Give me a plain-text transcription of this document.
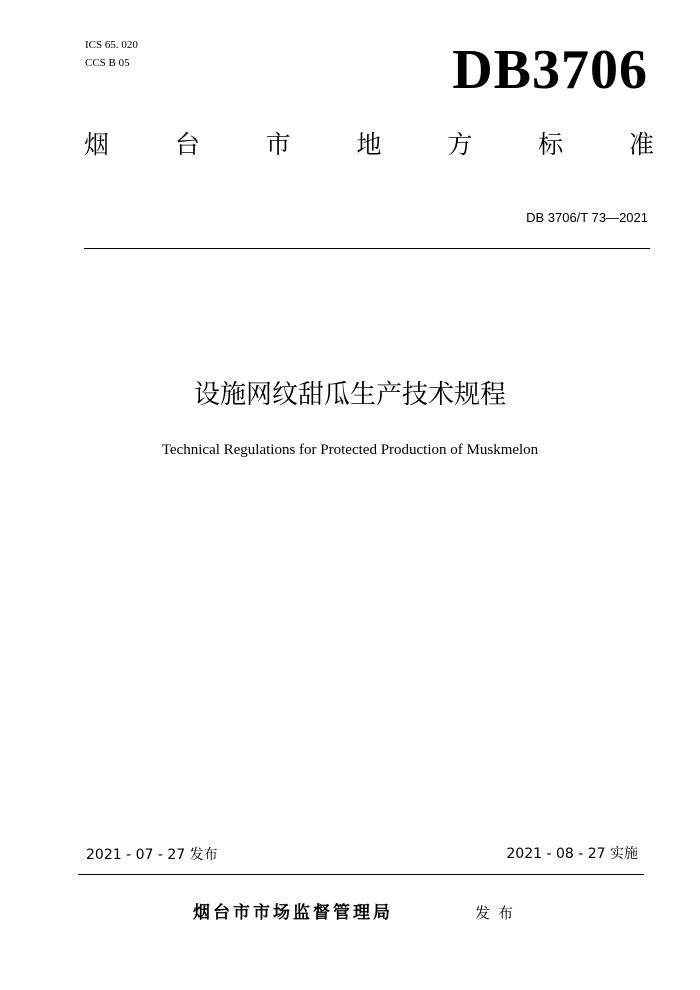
ICS 65. 020
CCS B 05	DB3706
烟	台	市	地	方	标	准
DB 3706/T 73—2021
设施网纹甜瓜生产技术规程
Technical Regulations for Protected Production of Muskmelon
2021 - 07 - 27 发布	2021 - 08 - 27 实施
烟台市市场监督管理局	发布
